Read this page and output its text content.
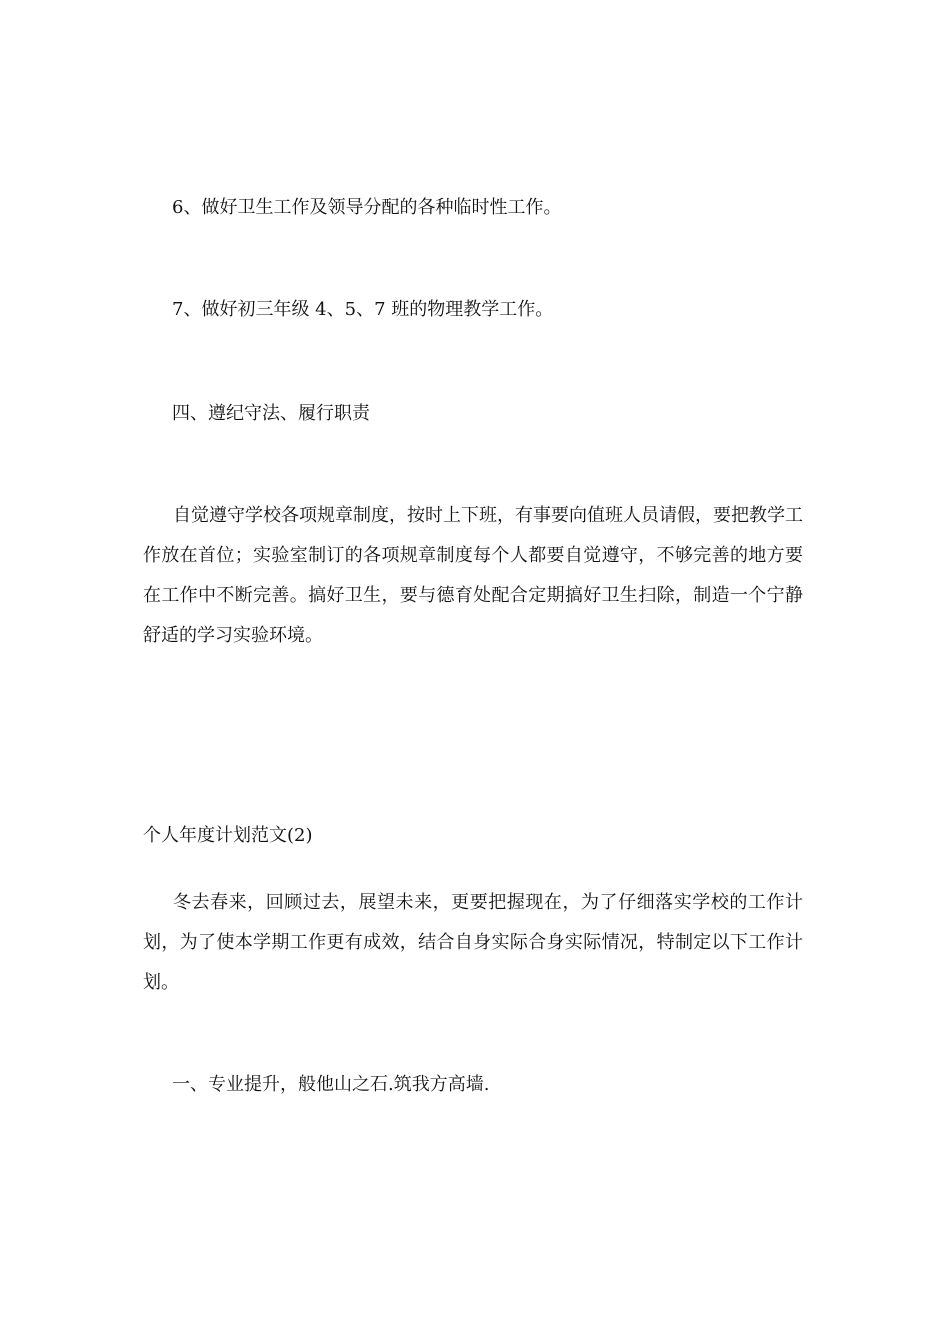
6、做好卫生工作及领导分配的各种临时性工作。

7、做好初三年级 4、5、7 班的物理教学工作。

四、遵纪守法、履行职责

自觉遵守学校各项规章制度，按时上下班，有事要向值班人员请假，要把教学工作放在首位；实验室制订的各项规章制度每个人都要自觉遵守，不够完善的地方要在工作中不断完善。搞好卫生，要与德育处配合定期搞好卫生扫除，制造一个宁静舒适的学习实验环境。

个人年度计划范文(2)

冬去春来，回顾过去，展望未来，更要把握现在，为了仔细落实学校的工作计划，为了使本学期工作更有成效，结合自身实际合身实际情况，特制定以下工作计划。

一、专业提升，般他山之石.筑我方高墙.
